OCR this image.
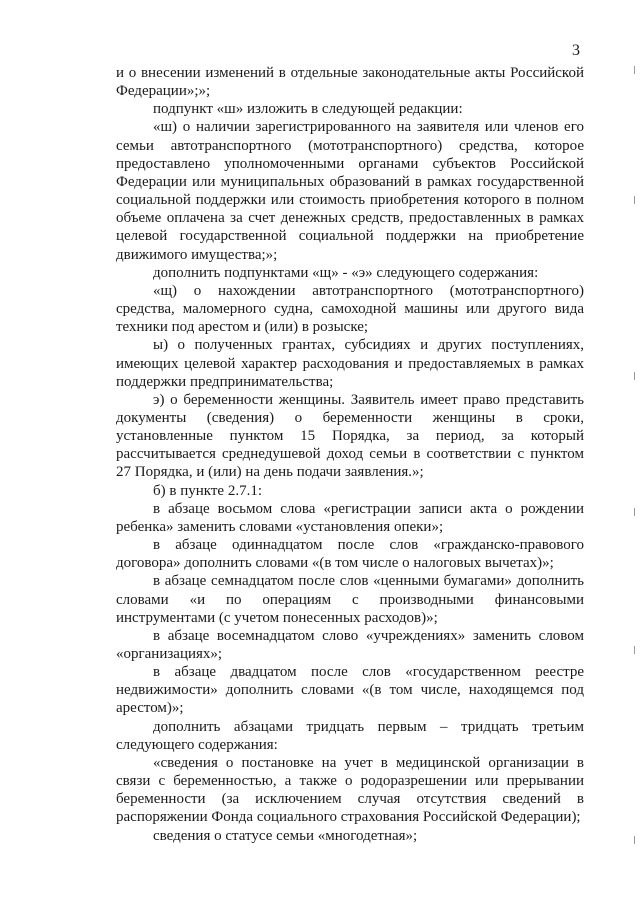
3

и о внесении изменений в отдельные законодательные акты Российской Федерации»;»;

подпункт «ш» изложить в следующей редакции:

«ш) о наличии зарегистрированного на заявителя или членов его семьи автотранспортного (мототранспортного) средства, которое предоставлено уполномоченными органами субъектов Российской Федерации или муниципальных образований в рамках государственной социальной поддержки или стоимость приобретения которого в полном объеме оплачена за счет денежных средств, предоставленных в рамках целевой государственной социальной поддержки на приобретение движимого имущества;»;

дополнить подпунктами «щ» - «э» следующего содержания:

«щ) о нахождении автотранспортного (мототранспортного) средства, маломерного судна, самоходной машины или другого вида техники под арестом и (или) в розыске;

ы) о полученных грантах, субсидиях и других поступлениях, имеющих целевой характер расходования и предоставляемых в рамках поддержки предпринимательства;

э) о беременности женщины. Заявитель имеет право представить документы (сведения) о беременности женщины в сроки, установленные пунктом 15 Порядка, за период, за который рассчитывается среднедушевой доход семьи в соответствии с пунктом 27 Порядка, и (или) на день подачи заявления.»;

б) в пункте 2.7.1:

в абзаце восьмом слова «регистрации записи акта о рождении ребенка» заменить словами «установления опеки»;

в абзаце одиннадцатом после слов «гражданско-правового договора» дополнить словами «(в том числе о налоговых вычетах)»;

в абзаце семнадцатом после слов «ценными бумагами» дополнить словами «и по операциям с производными финансовыми инструментами (с учетом понесенных расходов)»;

в абзаце восемнадцатом слово «учреждениях» заменить словом «организациях»;

в абзаце двадцатом после слов «государственном реестре недвижимости» дополнить словами «(в том числе, находящемся под арестом)»;

дополнить абзацами тридцать первым – тридцать третьим следующего содержания:

«сведения о постановке на учет в медицинской организации в связи с беременностью, а также о родоразрешении или прерывании беременности (за исключением случая отсутствия сведений в распоряжении Фонда социального страхования Российской Федерации);

сведения о статусе семьи «многодетная»;
